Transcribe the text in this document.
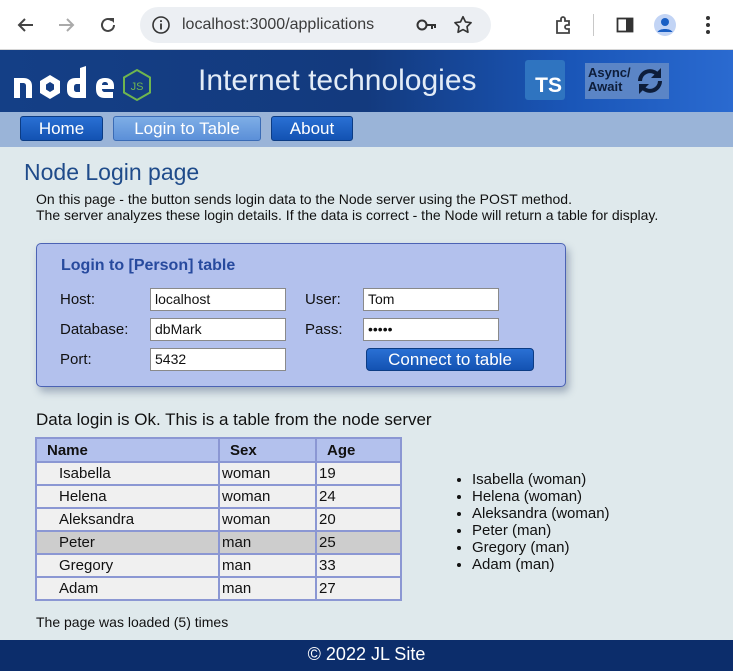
localhost:3000/applications
JS Internet technologies	TS
Async/
Await
Home	Login to Table	About
Node Login page
On this page - the button sends login data to the Node server using the POST method.
The server analyzes these login details. If the data is correct - the Node will return a table for display.
Login to [Person] table
Host:	localhost
Database:	dbMark
Port:	5432
User:	Tom
Pass:	•••••
Connect to table
Data login is Ok. This is a table from the node server
Name	Sex	Age
Isabella	woman	19
Helena	woman	24
Aleksandra	woman	20
Peter	man	25
Gregory	man	33
Adam	man	27
• Isabella (woman)
• Helena (woman)
• Aleksandra (woman)
• Peter (man)
• Gregory (man)
• Adam (man)
The page was loaded (5) times
© 2022 JL Site
